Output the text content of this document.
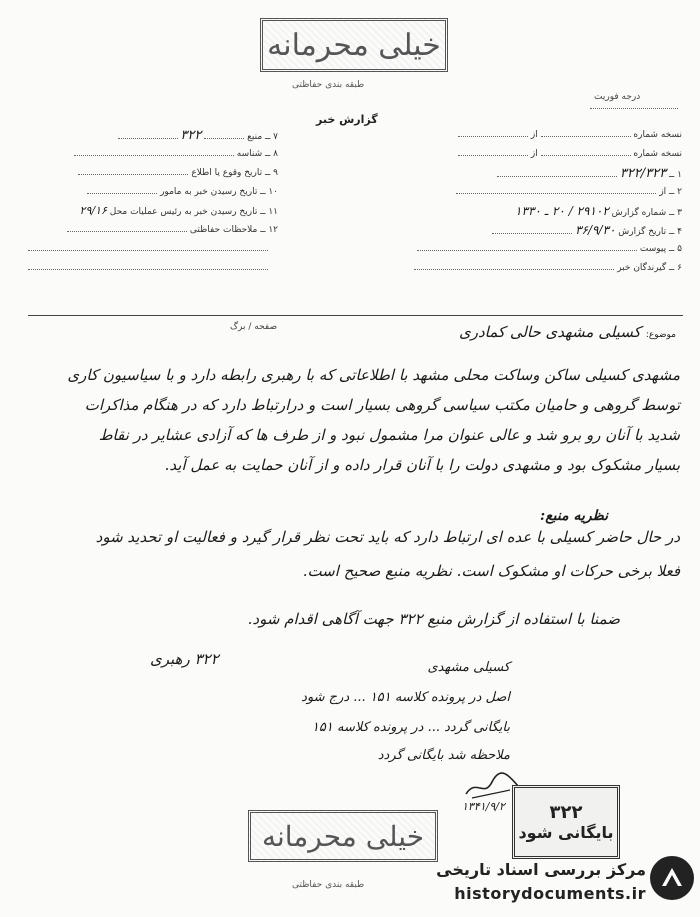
خیلی محرمانه
طبقه بندی حفاظتی
درجه فوریت
گزارش خبر
نسخه شماره  از
نسخه شماره  از
۱ ــ ۳۲۲/۳۲۳
۲ ــ از
۳ ــ شماره گزارش ۲۹۱۰۲ / ۲۰ ـ ۱۳۳۰
۴ ــ تاریخ گزارش ۳۶/۹/۳۰
۵ ــ پیوست
۶ ــ گیرندگان خبر
۷ ــ منبع  ۳۲۲
۸ ــ شناسه
۹ ــ تاریخ وقوع یا اطلاع
۱۰ ــ تاریخ رسیدن خبر به مامور
۱۱ ــ تاریخ رسیدن خبر به رئیس عملیات محل ۲۹/۱۶
۱۲ ــ ملاحظات حفاظتی
صفحه / برگ
موضوع: کسیلی مشهدی حالی کمادری
مشهدی کسیلی ساکن وساکت محلی مشهد با اطلاعاتی که با رهبری رابطه دارد و با سیاسیون کاری
توسط گروهی و حامیان مکتب سیاسی گروهی بسیار است و درارتباط دارد که در هنگام مذاکرات
شدید با آنان رو برو شد و عالی عنوان مرا مشمول نبود و از طرف ها که آزادی عشایر در نقاط
بسیار مشکوک بود و مشهدی دولت را با آنان قرار داده و از آنان حمایت به عمل آید.
نظریه منبع:
در حال حاضر کسیلی با عده ای ارتباط دارد که باید تحت نظر قرار گیرد و فعالیت او تحدید شود
فعلا برخی حرکات او مشکوک است. نظریه منبع صحیح است.
ضمنا با استفاده از گزارش منبع ۳۲۲ جهت آگاهی اقدام شود.
۳۲۲ رهبری	کسیلی مشهدی
اصل در پرونده کلاسه ۱۵۱ ... درج شود
بایگانی گردد ... در پرونده کلاسه ۱۵۱
ملاحظه شد بایگانی گردد
۱۳۴۱/۹/۲ ۳۲۲
بایگانی شود
خیلی محرمانه
طبقه بندی حفاظتی
مرکز بررسی اسناد تاریخی
historydocuments.ir
